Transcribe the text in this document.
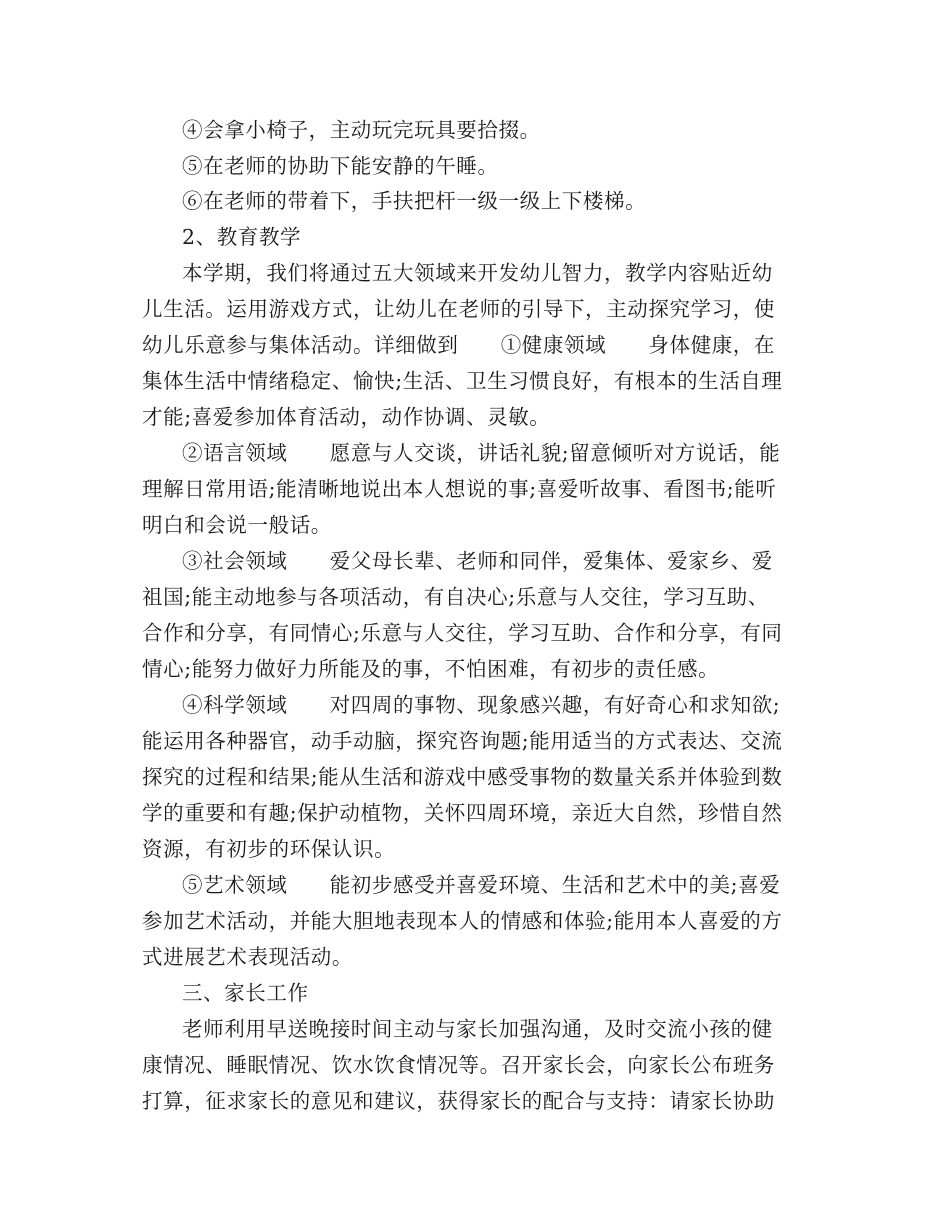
④会拿小椅子，主动玩完玩具要拾掇。
⑤在老师的协助下能安静的午睡。
⑥在老师的带着下，手扶把杆一级一级上下楼梯。
2、教育教学
本学期，我们将通过五大领域来开发幼儿智力，教学内容贴近幼
儿生活。运用游戏方式，让幼儿在老师的引导下，主动探究学习，使
幼儿乐意参与集体活动。详细做到　　①健康领域　　身体健康，在
集体生活中情绪稳定、愉快;生活、卫生习惯良好，有根本的生活自理
才能;喜爱参加体育活动，动作协调、灵敏。
②语言领域　　愿意与人交谈，讲话礼貌;留意倾听对方说话，能
理解日常用语;能清晰地说出本人想说的事;喜爱听故事、看图书;能听
明白和会说一般话。
③社会领域　　爱父母长辈、老师和同伴，爱集体、爱家乡、爱
祖国;能主动地参与各项活动，有自决心;乐意与人交往，学习互助、
合作和分享，有同情心;乐意与人交往，学习互助、合作和分享，有同
情心;能努力做好力所能及的事，不怕困难，有初步的责任感。
④科学领域　　对四周的事物、现象感兴趣，有好奇心和求知欲;
能运用各种器官，动手动脑，探究咨询题;能用适当的方式表达、交流
探究的过程和结果;能从生活和游戏中感受事物的数量关系并体验到数
学的重要和有趣;保护动植物，关怀四周环境，亲近大自然，珍惜自然
资源，有初步的环保认识。
⑤艺术领域　　能初步感受并喜爱环境、生活和艺术中的美;喜爱
参加艺术活动，并能大胆地表现本人的情感和体验;能用本人喜爱的方
式进展艺术表现活动。
三、家长工作
老师利用早送晚接时间主动与家长加强沟通，及时交流小孩的健
康情况、睡眠情况、饮水饮食情况等。召开家长会，向家长公布班务
打算，征求家长的意见和建议，获得家长的配合与支持：请家长协助
